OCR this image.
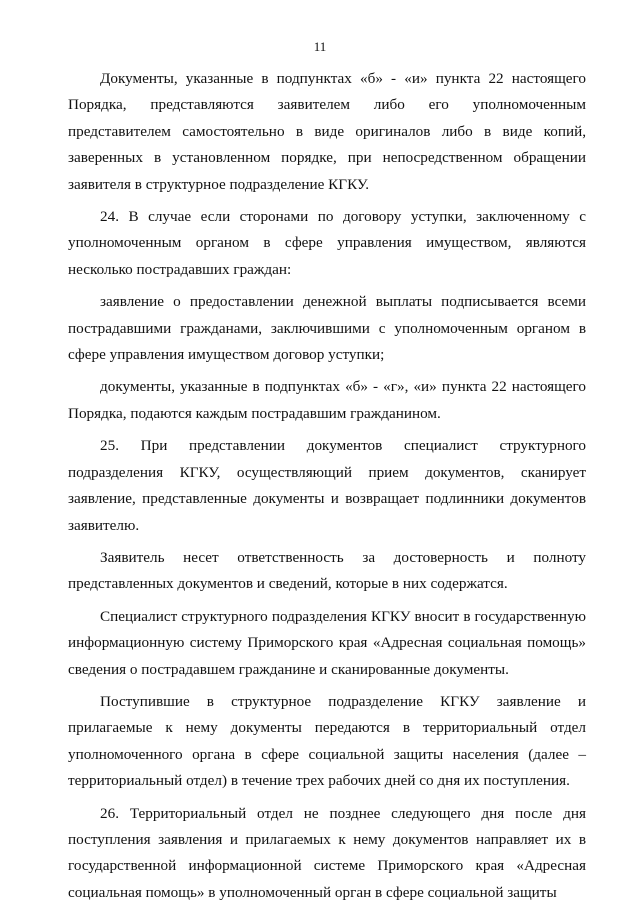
11

Документы, указанные в подпунктах «б» - «и» пункта 22 настоящего Порядка, представляются заявителем либо его уполномоченным представителем самостоятельно в виде оригиналов либо в виде копий, заверенных в установленном порядке, при непосредственном обращении заявителя в структурное подразделение КГКУ.

24. В случае если сторонами по договору уступки, заключенному с уполномоченным органом в сфере управления имуществом, являются несколько пострадавших граждан:

заявление о предоставлении денежной выплаты подписывается всеми пострадавшими гражданами, заключившими с уполномоченным органом в сфере управления имуществом договор уступки;

документы, указанные в подпунктах «б» - «г», «и» пункта 22 настоящего Порядка, подаются каждым пострадавшим гражданином.

25. При представлении документов специалист структурного подразделения КГКУ, осуществляющий прием документов, сканирует заявление, представленные документы и возвращает подлинники документов заявителю.

Заявитель несет ответственность за достоверность и полноту представленных документов и сведений, которые в них содержатся.

Специалист структурного подразделения КГКУ вносит в государственную информационную систему Приморского края «Адресная социальная помощь» сведения о пострадавшем гражданине и сканированные документы.

Поступившие в структурное подразделение КГКУ заявление и прилагаемые к нему документы передаются в территориальный отдел уполномоченного органа в сфере социальной защиты населения (далее – территориальный отдел) в течение трех рабочих дней со дня их поступления.

26. Территориальный отдел не позднее следующего дня после дня поступления заявления и прилагаемых к нему документов направляет их в государственной информационной системе Приморского края «Адресная социальная помощь» в уполномоченный орган в сфере социальной защиты
